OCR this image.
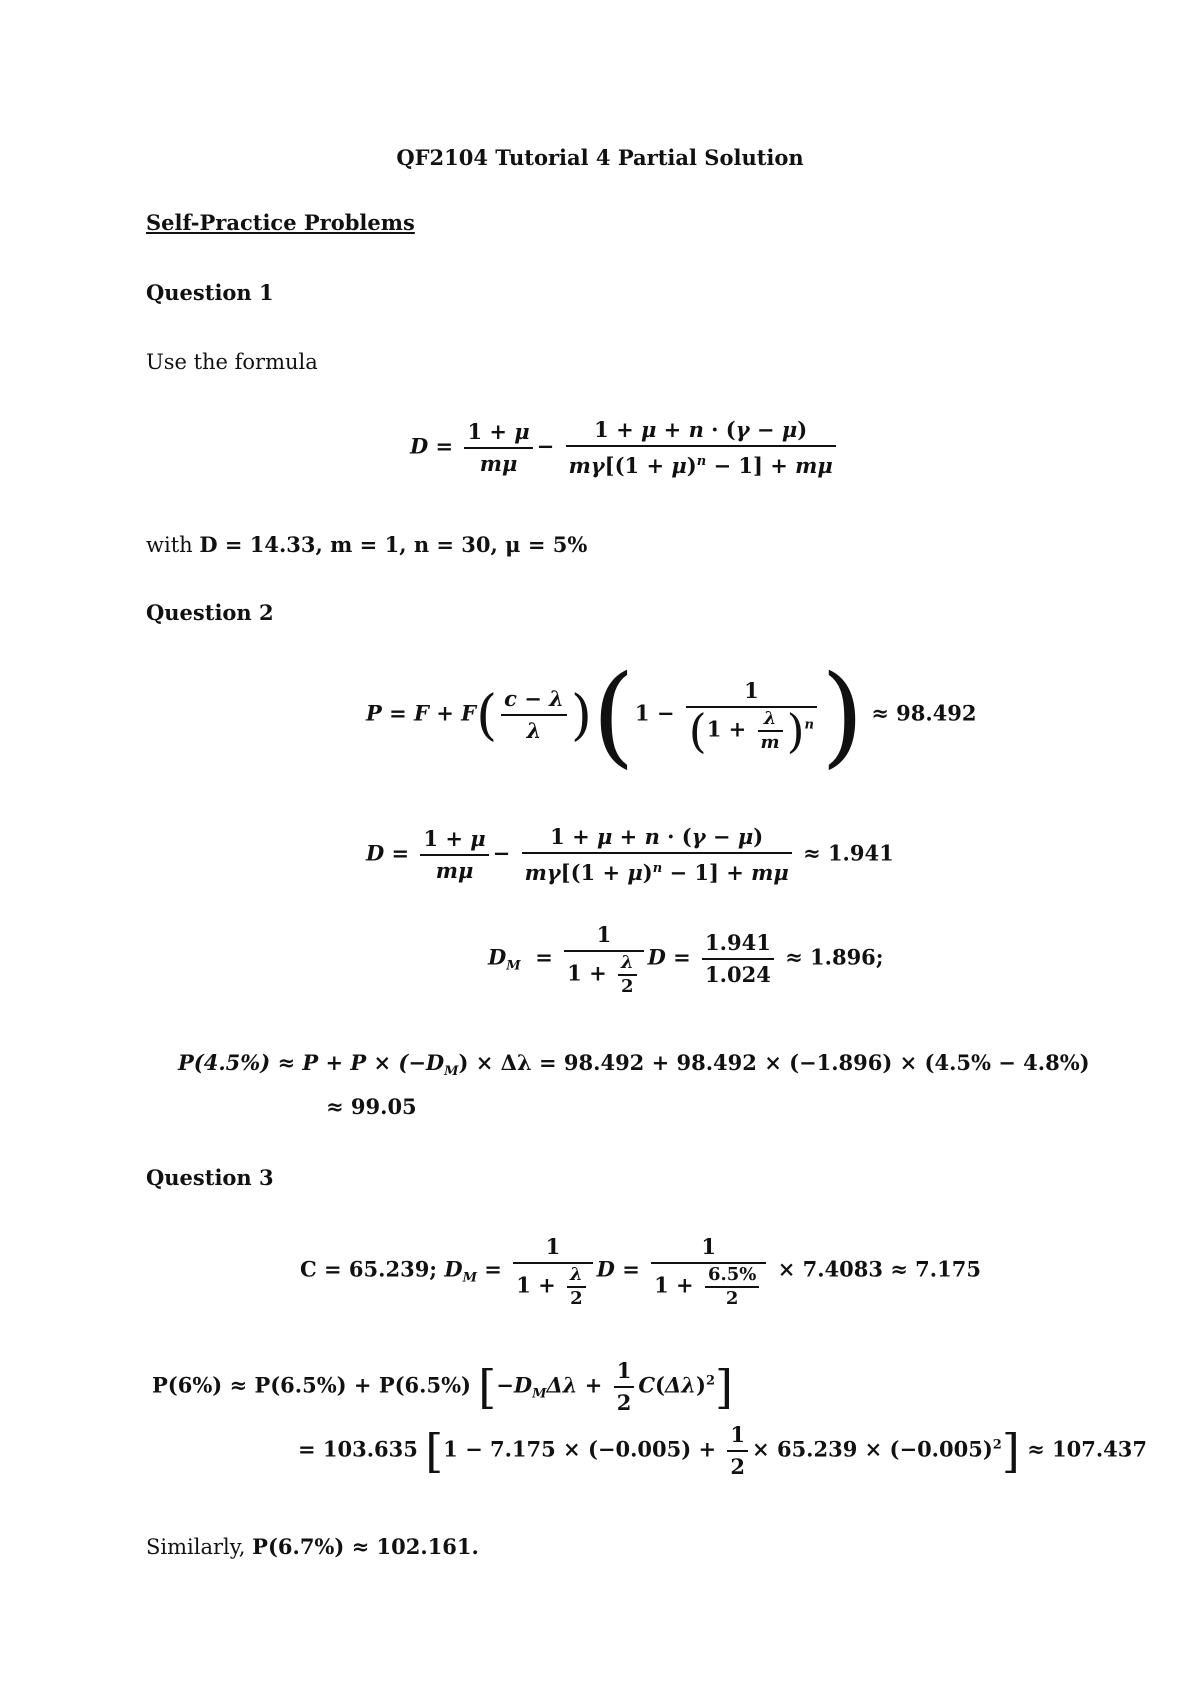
QF2104 Tutorial 4 Partial Solution
Self-Practice Problems
Question 1
Use the formula
$D = \frac{1 + \mu}{m\mu} - \frac{1 + \mu + n \cdot (\gamma - \mu)}{m\gamma[(1 + \mu)^n - 1] + m\mu}$
with D = 14.33, m = 1, n = 30, μ = 5%
Question 2
$P = F + F( \frac{c - \lambda}{\lambda} )(1 - \frac{1}{(1 + \frac{\lambda}{m} )^n}$ ) ≈ 98.492
$D = \frac{1 + \mu}{m\mu} - \frac{1 + \mu + n \cdot (\gamma - \mu)}{m\gamma[(1 + \mu)^n - 1] + m\mu} \approx 1.941$
$D_M = \frac{1}{1 + \frac{\lambda}{2}}$ $D = \frac{1.941}{1.024} \approx 1.896$;
$P(4.5\%) \approx P + P \times (-D_M) \times \Delta\lambda = 98.492 + 98.492 \times (-1.896) \times (4.5\% - 4.8\%)$
≈ 99.05
Question 3
C = 65.239; $D_M = \frac{1}{1 + \frac{\lambda}{2}}$ $D = \frac{1}{1 + \frac{6.5\%}{2}} \times 7.4083 \approx 7.175$
P(6%) ≈ P(6.5%) + P(6.5%) $[-D_M\Delta\lambda + \frac{1}{2} C(\Delta\lambda)^2]$
= 103.635 $[1 - 7.175 \times (-0.005) + \frac{1}{2} \times 65.239 \times (-0.005)^2] \approx 107.437$
Similarly, P(6.7%) ≈ 102.161.
